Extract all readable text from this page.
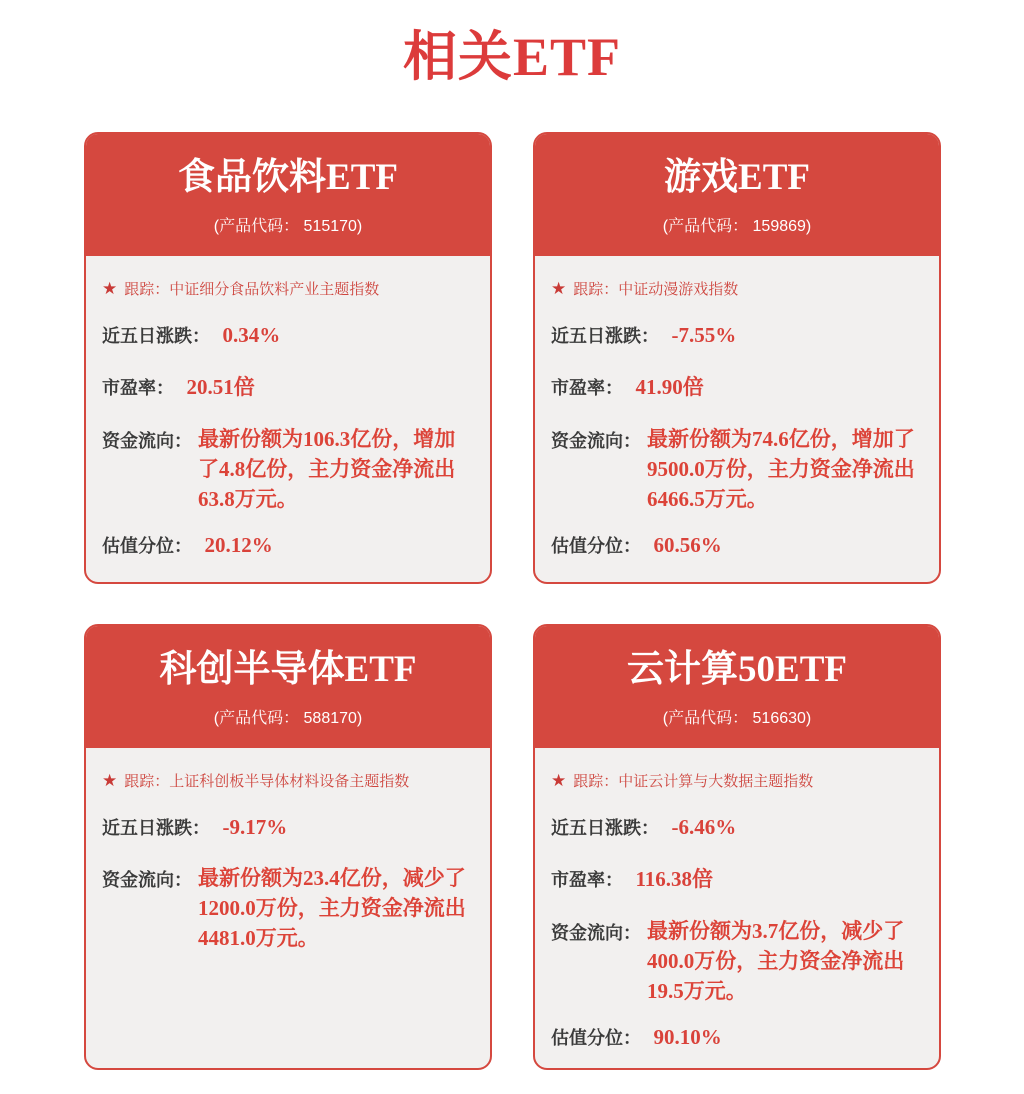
相关ETF
食品饮料ETF
(产品代码： 515170)
★ 跟踪： 中证细分食品饮料产业主题指数
近五日涨跌： 0.34%
市盈率： 20.51倍
资金流向： 最新份额为106.3亿份，增加了4.8亿份，主力资金净流出63.8万元。
估值分位： 20.12%
游戏ETF
(产品代码： 159869)
★ 跟踪： 中证动漫游戏指数
近五日涨跌： -7.55%
市盈率： 41.90倍
资金流向： 最新份额为74.6亿份，增加了9500.0万份，主力资金净流出6466.5万元。
估值分位： 60.56%
科创半导体ETF
(产品代码： 588170)
★ 跟踪： 上证科创板半导体材料设备主题指数
近五日涨跌： -9.17%
资金流向： 最新份额为23.4亿份，减少了1200.0万份，主力资金净流出4481.0万元。
云计算50ETF
(产品代码： 516630)
★ 跟踪： 中证云计算与大数据主题指数
近五日涨跌： -6.46%
市盈率： 116.38倍
资金流向： 最新份额为3.7亿份，减少了400.0万份，主力资金净流出19.5万元。
估值分位： 90.10%
